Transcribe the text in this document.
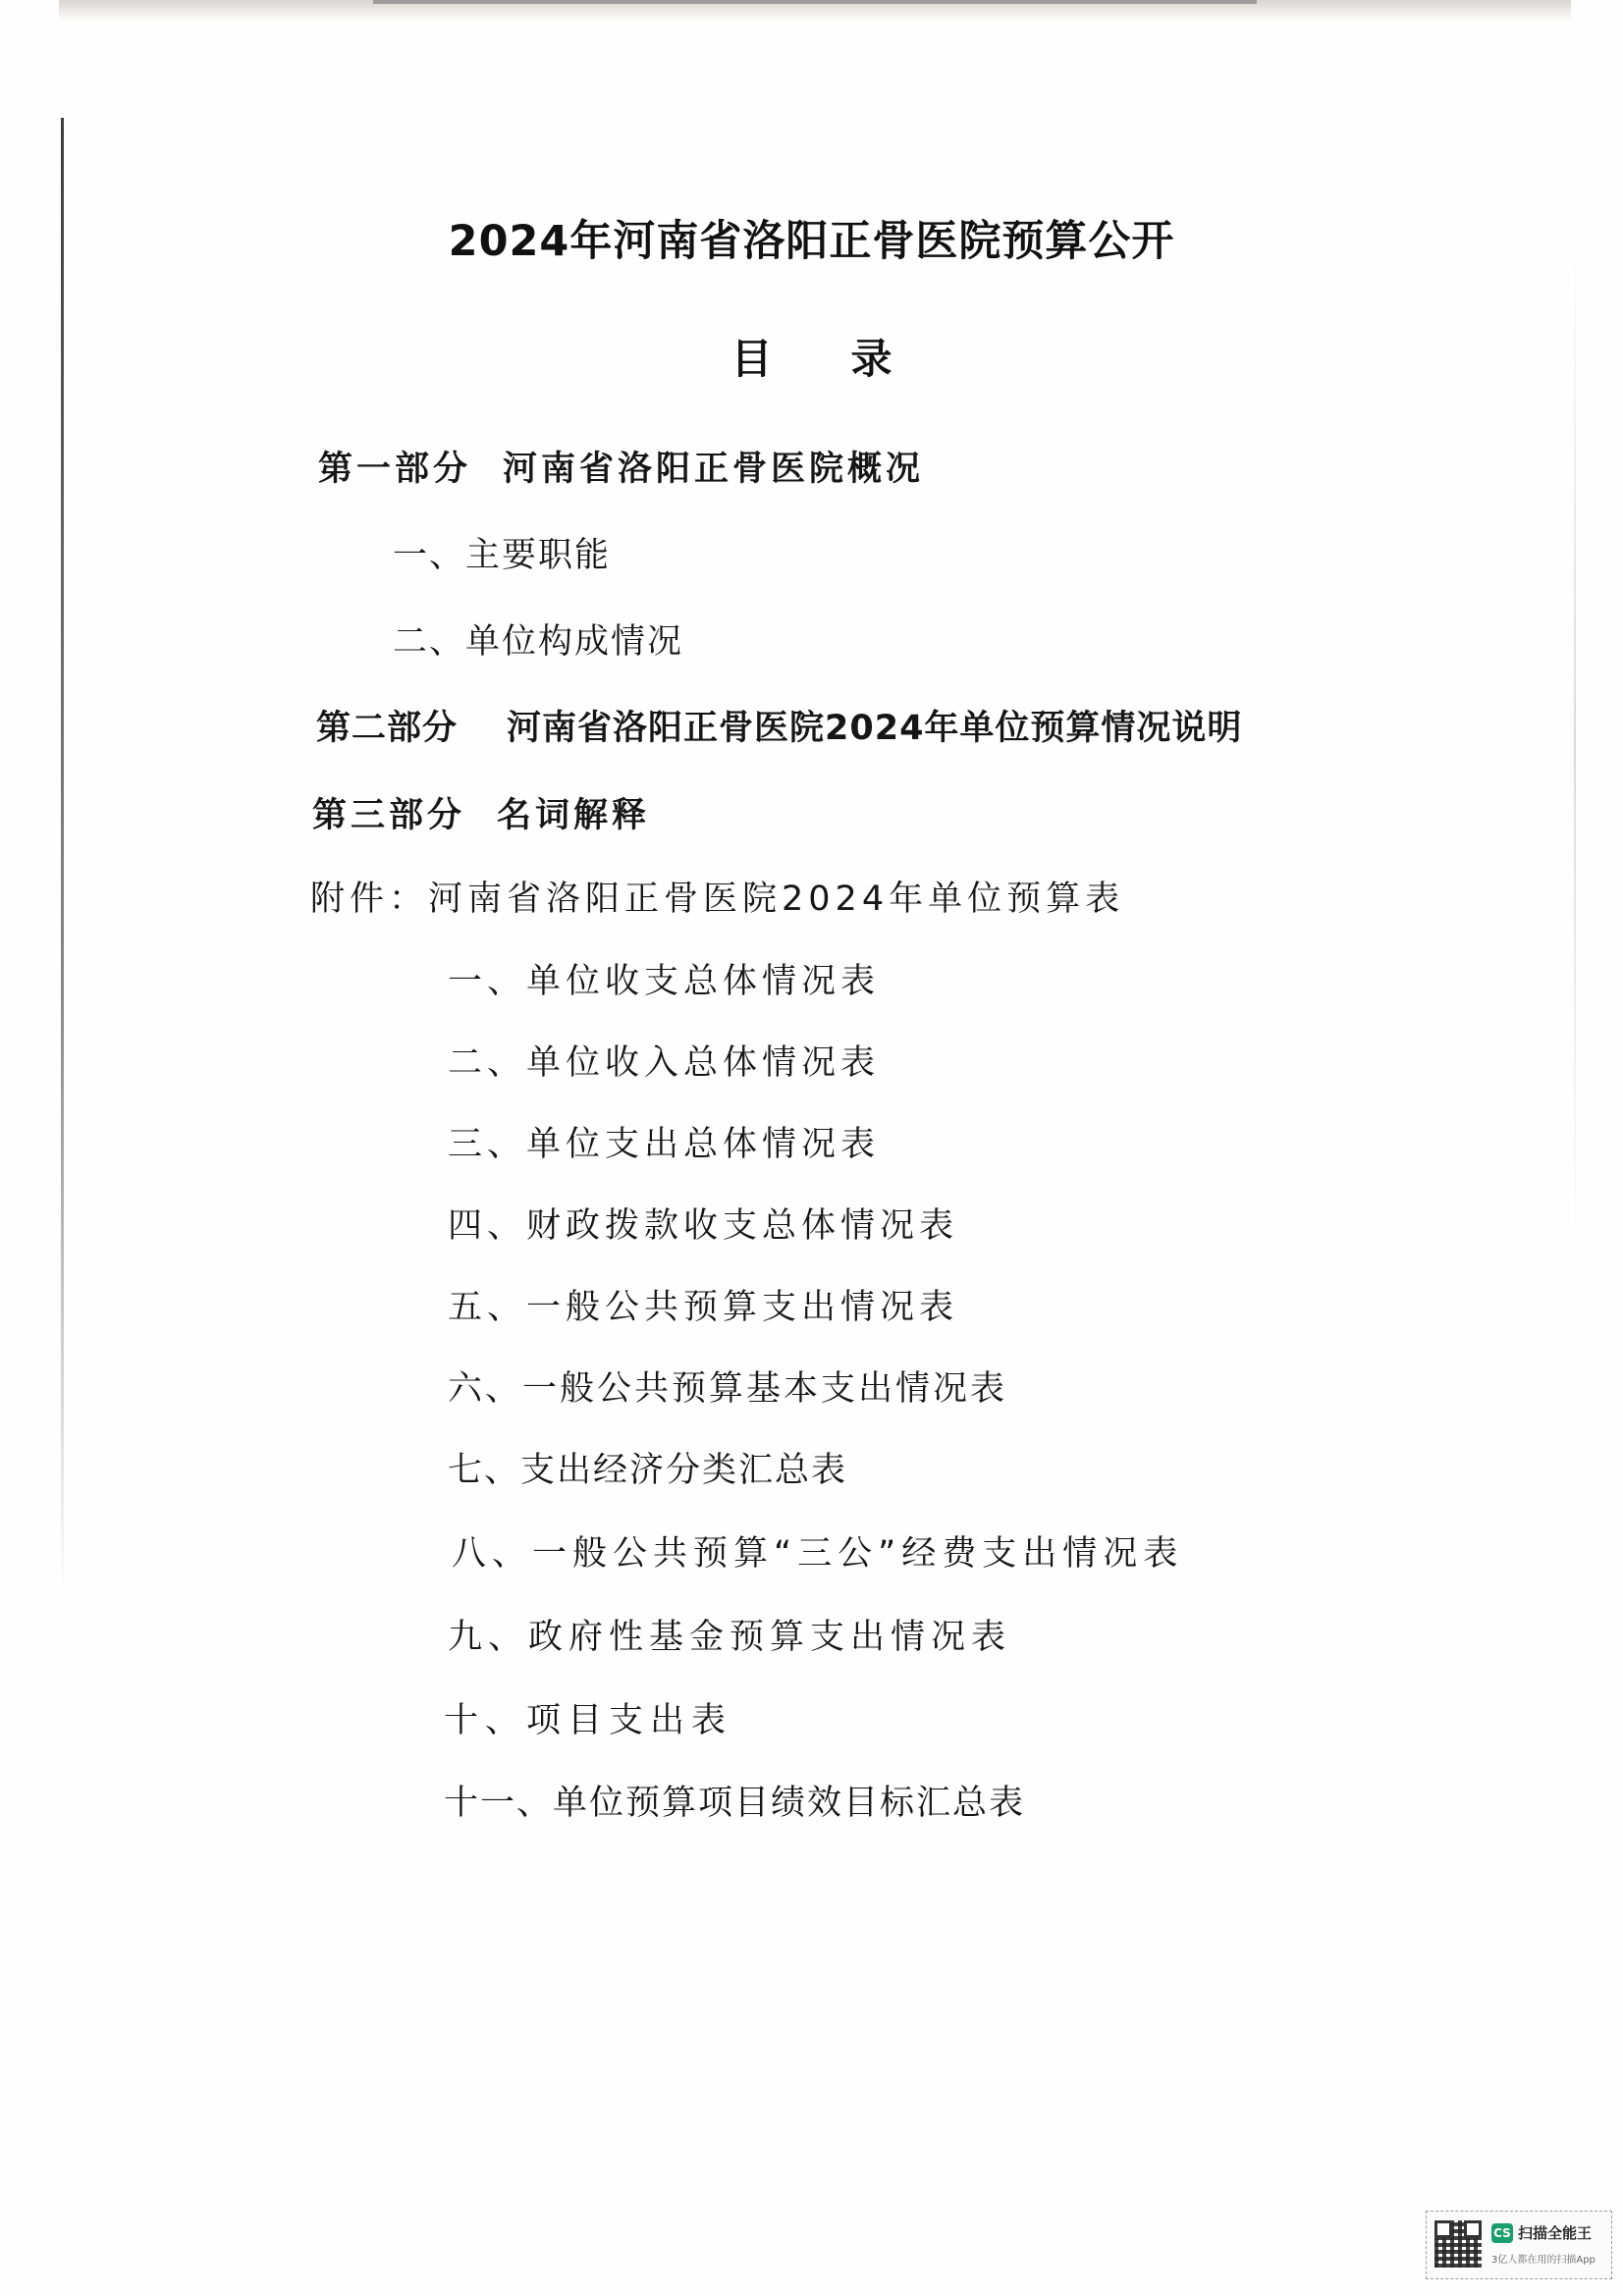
2024年河南省洛阳正骨医院预算公开
目录
第一部分 河南省洛阳正骨医院概况
一、主要职能
二、单位构成情况
第二部分 河南省洛阳正骨医院2024年单位预算情况说明
第三部分 名词解释
附件：河南省洛阳正骨医院2024年单位预算表
一、单位收支总体情况表
二、单位收入总体情况表
三、单位支出总体情况表
四、财政拨款收支总体情况表
五、一般公共预算支出情况表
六、一般公共预算基本支出情况表
七、支出经济分类汇总表
八、一般公共预算“三公”经费支出情况表
九、政府性基金预算支出情况表
十、项目支出表
十一、单位预算项目绩效目标汇总表
CS 扫描全能王
3亿人都在用的扫描App
